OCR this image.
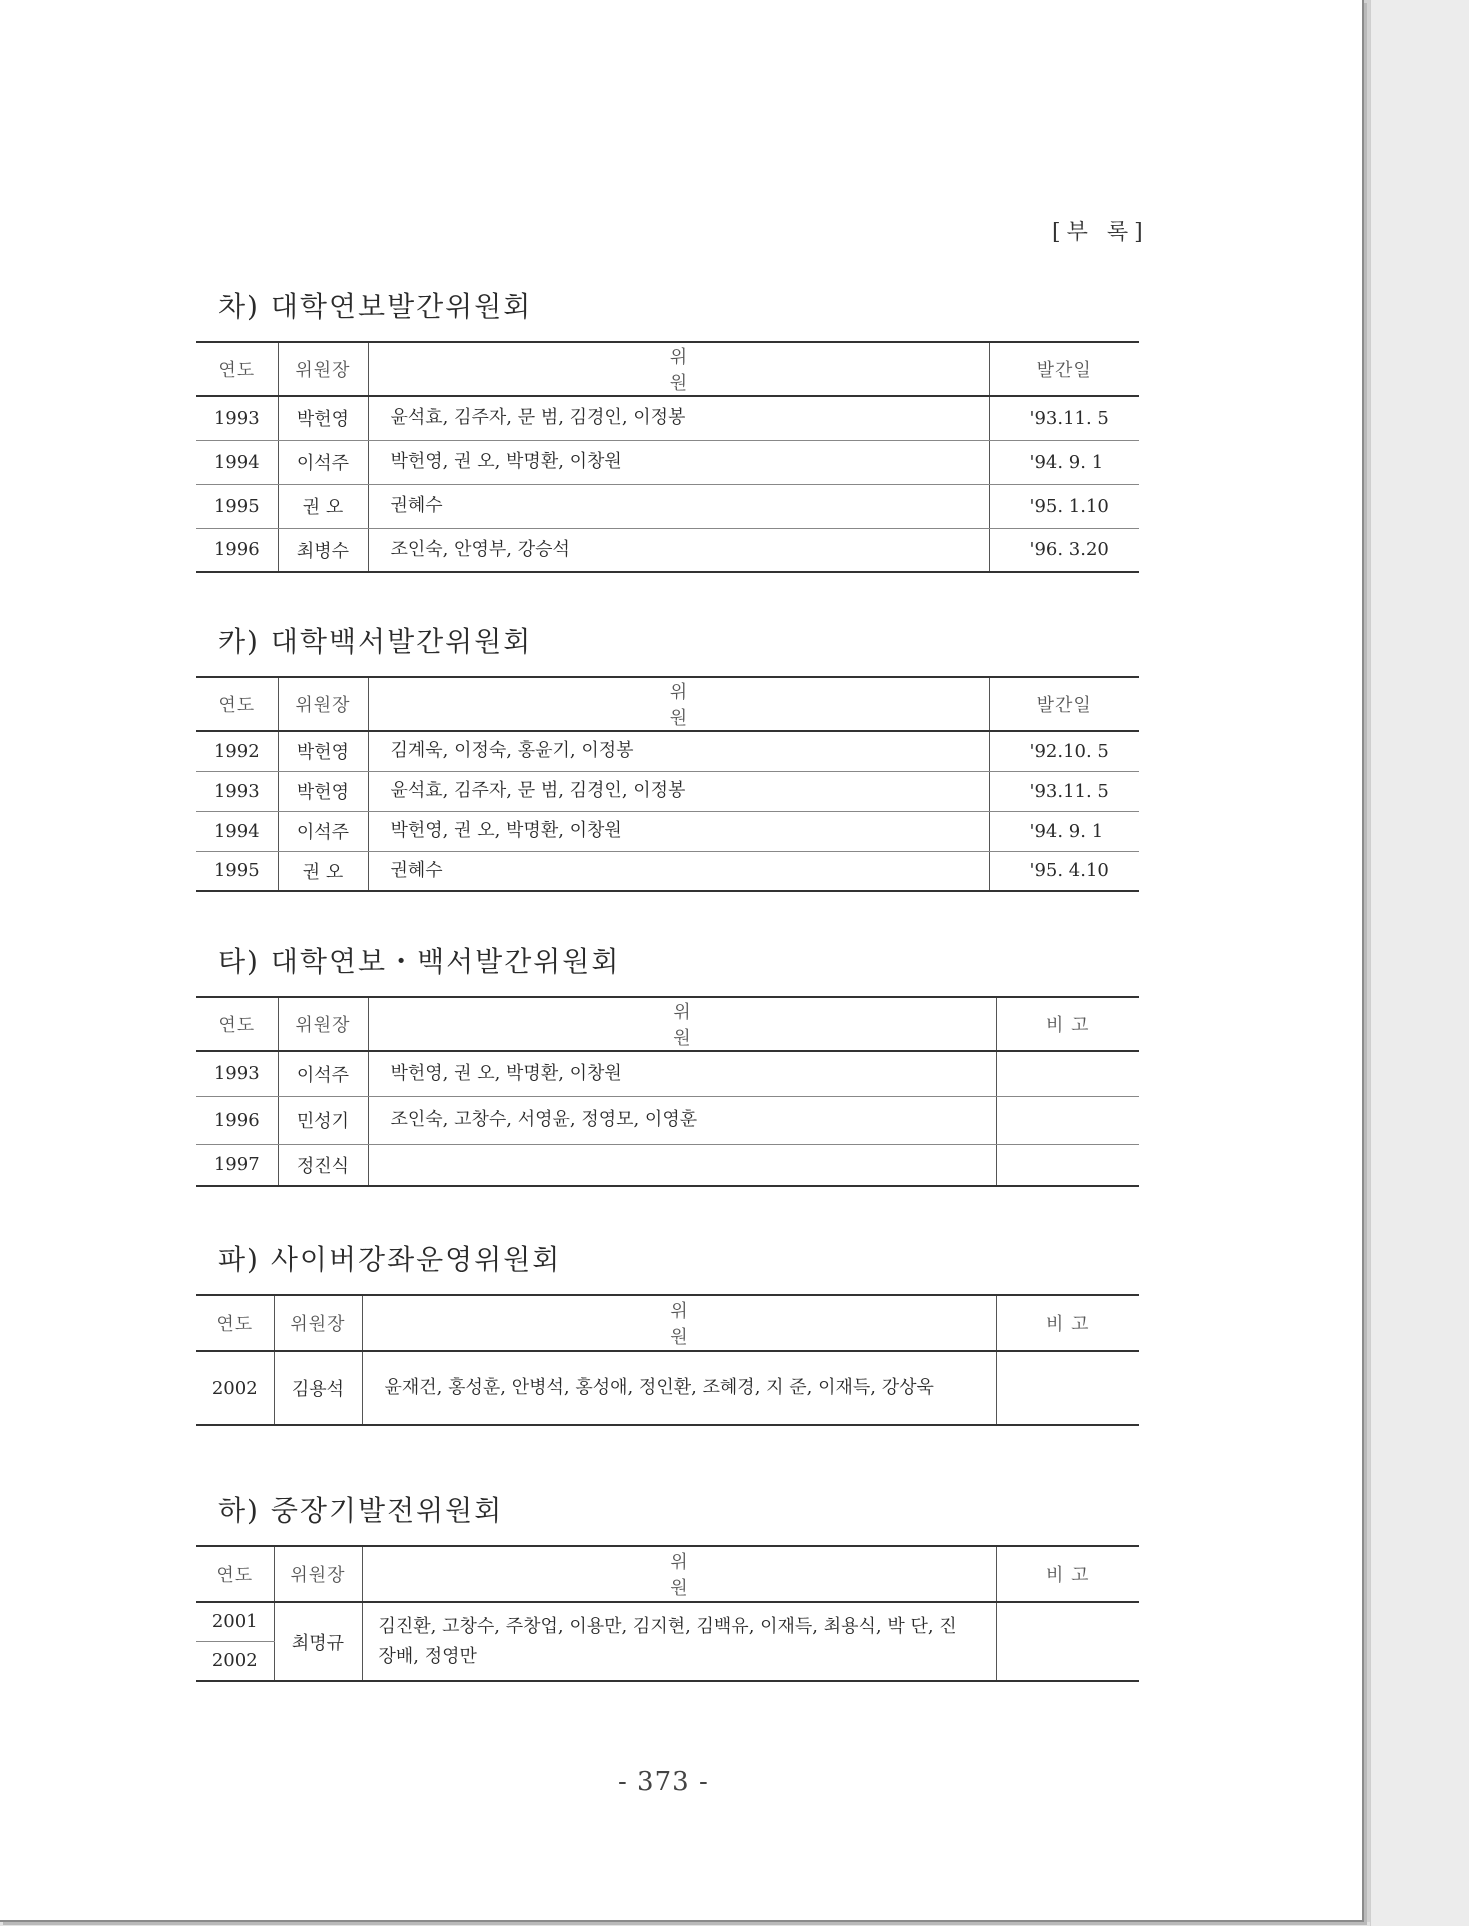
[부 록]
차) 대학연보발간위원회
연도	위원장	위 원	발간일
1993	박헌영	윤석효, 김주자, 문 범, 김경인, 이정봉	'93.11. 5
1994	이석주	박헌영, 권 오, 박명환, 이창원	'94. 9. 1
1995	권 오	권혜수	'95. 1.10
1996	최병수	조인숙, 안영부, 강승석	'96. 3.20
카) 대학백서발간위원회
연도	위원장	위 원	발간일
1992	박헌영	김계욱, 이정숙, 홍윤기, 이정봉	'92.10. 5
1993	박헌영	윤석효, 김주자, 문 범, 김경인, 이정봉	'93.11. 5
1994	이석주	박헌영, 권 오, 박명환, 이창원	'94. 9. 1
1995	권 오	권혜수	'95. 4.10
타) 대학연보・백서발간위원회
연도	위원장	위 원	비 고
1993	이석주	박헌영, 권 오, 박명환, 이창원	
1996	민성기	조인숙, 고창수, 서영윤, 정영모, 이영훈	
1997	정진식		
파) 사이버강좌운영위원회
연도	위원장	위 원	비 고
2002	김용석	윤재건, 홍성훈, 안병석, 홍성애, 정인환, 조혜경, 지 준, 이재득, 강상욱	
하) 중장기발전위원회
연도	위원장	위 원	비 고
2001	최명규	김진환, 고창수, 주창업, 이용만, 김지현, 김백유, 이재득, 최용식, 박 단, 진장배, 정영만	
2002			
- 373 -
